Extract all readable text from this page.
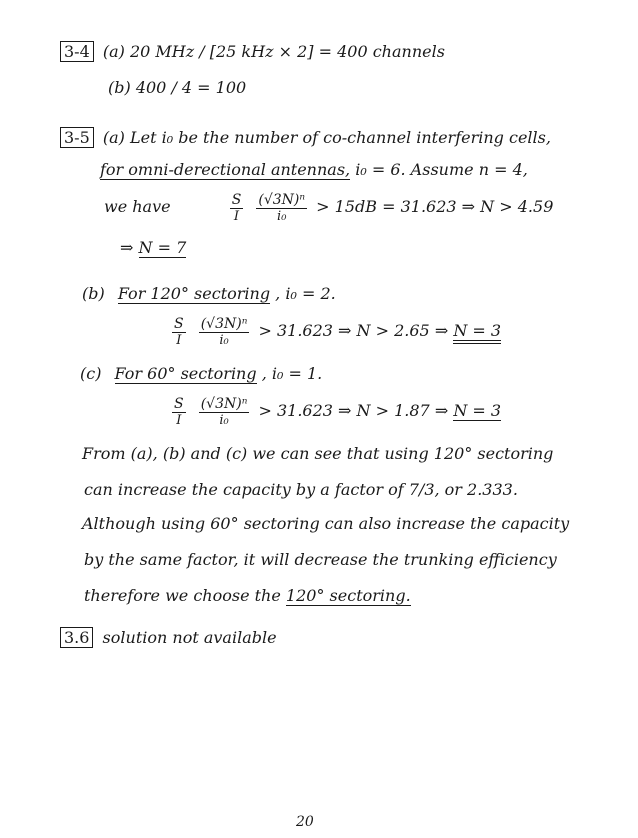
3-4 (a) 20 MHz / [25 kHz × 2] = 400 channels
(b) 400 / 4 = 100
3-5 (a) Let i₀ be the number of co-channel interfering cells,
for omni-derectional antennas, i₀ = 6. Assume n = 4,
we have	$\frac{S}{I}$
$\frac{\text{(√3N)ⁿ}}{\text{i₀}} > 15dB = 31.623$ ⇒ N > 4.59
⇒ N = 7
(b) For 120° sectoring , i₀ = 2.
$\frac{S}{I}$
$\frac{\text{(√3N)ⁿ}}{\text{i₀}} > 31.623$ ⇒ N > 2.65 ⇒ N = 3
(c) For 60° sectoring , i₀ = 1.
$\frac{S}{I}$
$\frac{\text{(√3N)ⁿ}}{\text{i₀}} > 31.623$ ⇒ N > 1.87 ⇒ N = 3
From (a), (b) and (c) we can see that using 120° sectoring
can increase the capacity by a factor of 7/3, or 2.333.
Although using 60° sectoring can also increase the capacity
by the same factor, it will decrease the trunking efficiency
therefore we choose the 120° sectoring.
3.6 solution not available
20
